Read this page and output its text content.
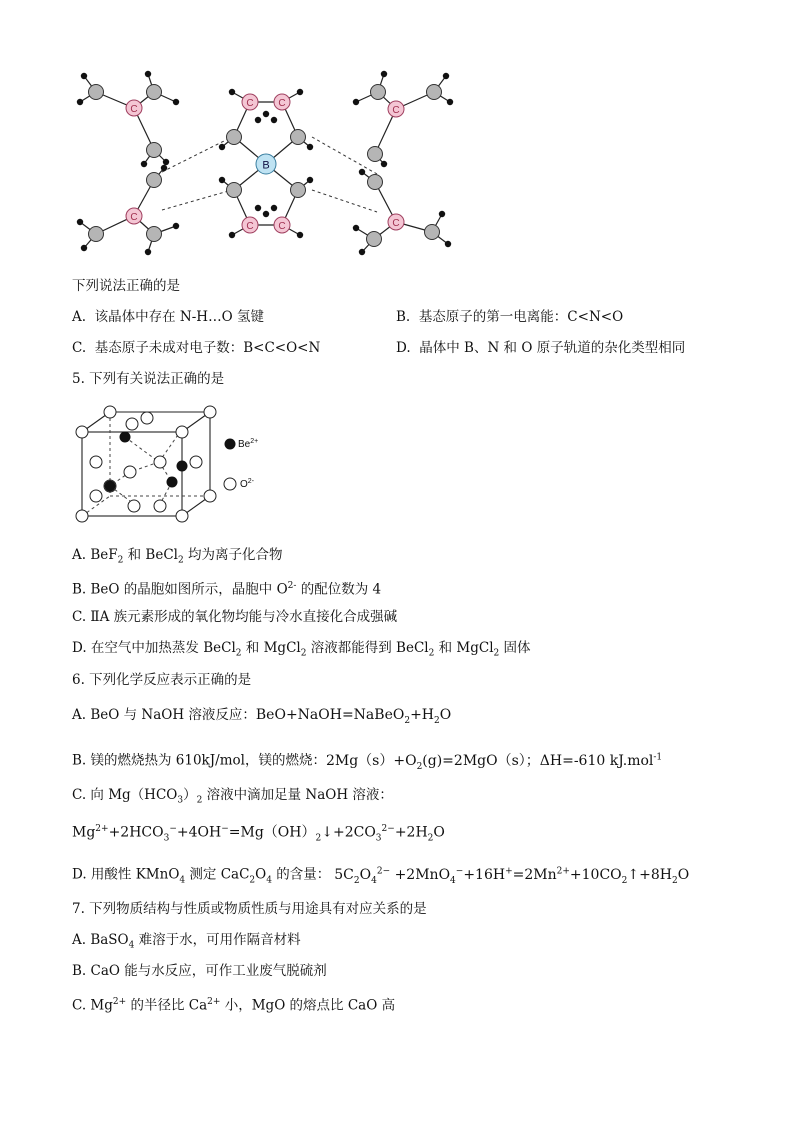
C
C
C
C
C C
C C
B
下列说法正确的是
A. 该晶体中存在 N-H…O 氢键	B. 基态原子的第一电离能：C<N<O
C. 基态原子未成对电子数：B<C<O<N	D. 晶体中 B、N 和 O 原子轨道的杂化类型相同
5. 下列有关说法正确的是
$Be^{2+}$
$O^{2-}$
A. BeF$_2$ 和 BeCl$_2$ 均为离子化合物
B. BeO 的晶胞如图所示，晶胞中 $O^{2-}$ 的配位数为 4
C. ⅡA 族元素形成的氧化物均能与冷水直接化合成强碱
D. 在空气中加热蒸发 BeCl$_2$ 和 MgCl$_2$ 溶液都能得到 BeCl$_2$ 和 MgCl$_2$ 固体
6. 下列化学反应表示正确的是
A. BeO 与 NaOH 溶液反应：$BeO+NaOH=NaBeO_2+H_2O$
B. 镁的燃烧热为 610kJ/mol，镁的燃烧：$2Mg(s)+O_2(g)=2MgO(s)$；ΔH=-610 kJ.mol$^{-1}$
C. 向 $Mg(HCO_3)_2$ 溶液中滴加足量 NaOH 溶液：
$Mg^{2+}+2HCO_3^-+4OH^-=Mg(OH)_2↓+2CO_3^{2-}+2H_2O$
D. 用酸性 KMnO$_4$ 测定 $CaC_2O_4$ 的含量： $5C_2O_4^{2-}$ $+2MnO_4^-+16H^+=2Mn^{2+}+10CO_2↑+8H_2O$
7. 下列物质结构与性质或物质性质与用途具有对应关系的是
A. BaSO$_4$ 难溶于水，可用作隔音材料
B. CaO 能与水反应，可作工业废气脱硫剂
C. $Mg^{2+}$ 的半径比 $Ca^{2+}$ 小，MgO 的熔点比 CaO 高
